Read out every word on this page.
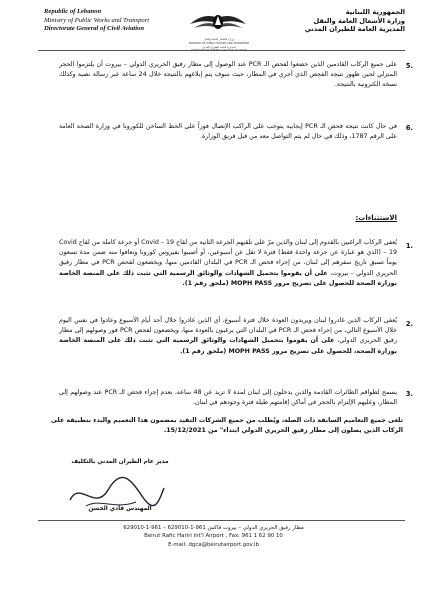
Republic of Lebanon
Ministry of Public Works and Transport
Directorate General of Civil Aviation
وزارة الأشغال العامة والنقل
MINISTRY OF PUBLIC WORKS AND TRANSPORT
المديرية العامة للطيران المدني
DIRECTORATE GENERAL OF CIVIL AVIATION
الجمهورية اللبنانية
وزارة الأشغال العامة والنقل
المديرية العامة للطيران المدني
5.
على جميع الركاب القادمين الذين خضعوا لفحص الـ PCR عند الوصول إلى مطار رفيق الحريري الدولي – بيروت أن يلتزموا الحجر المنزلي لحين ظهور نتيجة الفحص الذي أجري في المطار، حيث سوف يتم إبلاغهم بالنتيجة خلال 24 ساعة عبر رسالة نصية وكذلك نسخة الكترونية بالنتيجة.
6.
في حال كانت نتيجة فحص الـ PCR إيجابية يتوجب على الراكب الإتصال فوراً على الخط الساخن للكورونا في وزارة الصحة العامة على الرقم 1787، وذلك في حال لم يتم التواصل معه من قبل فريق الوزارة.
الاستثناءات:
1.
يُعفى الركاب الراغبين بالقدوم إلى لبنان والذين مرّ على تلقيهم الجرعة الثانية من لقاح Covid – 19 أو جرعة كاملة من لقاح Covid – 19 (الذي هو عبارة عن جرعة واحدة فقط) فترة لا تقل عن أسبوعين، أو أصيبوا بفيروس كورونا وتعافوا منه ضمن مدة تسعون يوماً تسبق تاريخ سفرهم إلى لبنان، من إجراء فحص الـ PCR في البلدان القادمين منها، ويخضعون لفحص PCR في مطار رفيق الحريري الدولي – بيروت، على أن يقوموا بتحميل الشهادات والوثائق الرسمية التي تثبت ذلك على المنصة الخاصة بوزارة الصحة للحصول على تصريح مرور MOPH PASS (ملحق رقم 1).
2.
يُعفى الركاب الذين غادروا لبنان ويريدون العودة خلال فترة أسبوع، أي الذين غادروا خلال أحد أيام الأسبوع وعادوا في نفس اليوم خلال الأسبوع التالي، من إجراء فحص الـ PCR في البلدان التي يرغبون بالعودة منها، ويخضعون لفحص PCR فور وصولهم إلى مطار رفيق الحريري الدولي، على أن يقوموا بتحميل الشهادات والوثائق الرسمية التي تثبت ذلك على المنصة الخاصة بوزارة الصحة، للحصول على تصريح مرور MOPH PASS (ملحق رقم 1).
3.
يسمح لطواقم الطائرات القادمة والذين يدخلون إلى لبنان لمدة لا تزيد عن 48 ساعة، بعدم إجراء فحص الـ PCR عند وصولهم إلى المطار، وعليهم الإلتزام بالحجر في أماكن إقامتهم طيلة فترة وجودهم في لبنان.
تلغى جميع التعاميم السابقة ذات الصلة، ويُطلب من جميع الشركات التقيد بمضمون هذا التعميم والبدء بتطبيقه على الركاب الذين يصلون إلى مطار رفيق الحريري الدولي ابتداء" من 15/12/2021.
مدير عام الطيران المدني بالتكليف
المهندس فادي الحسن
مطار رفيق الحريري الدولي – بيروت فاكس 961-1-629010 – 961-1-629010
Beirut Rafic Hariri Int'l Airport , Fax: 961 1 62 90 10
E-mail: dgca@beirutairport.gov.lb
